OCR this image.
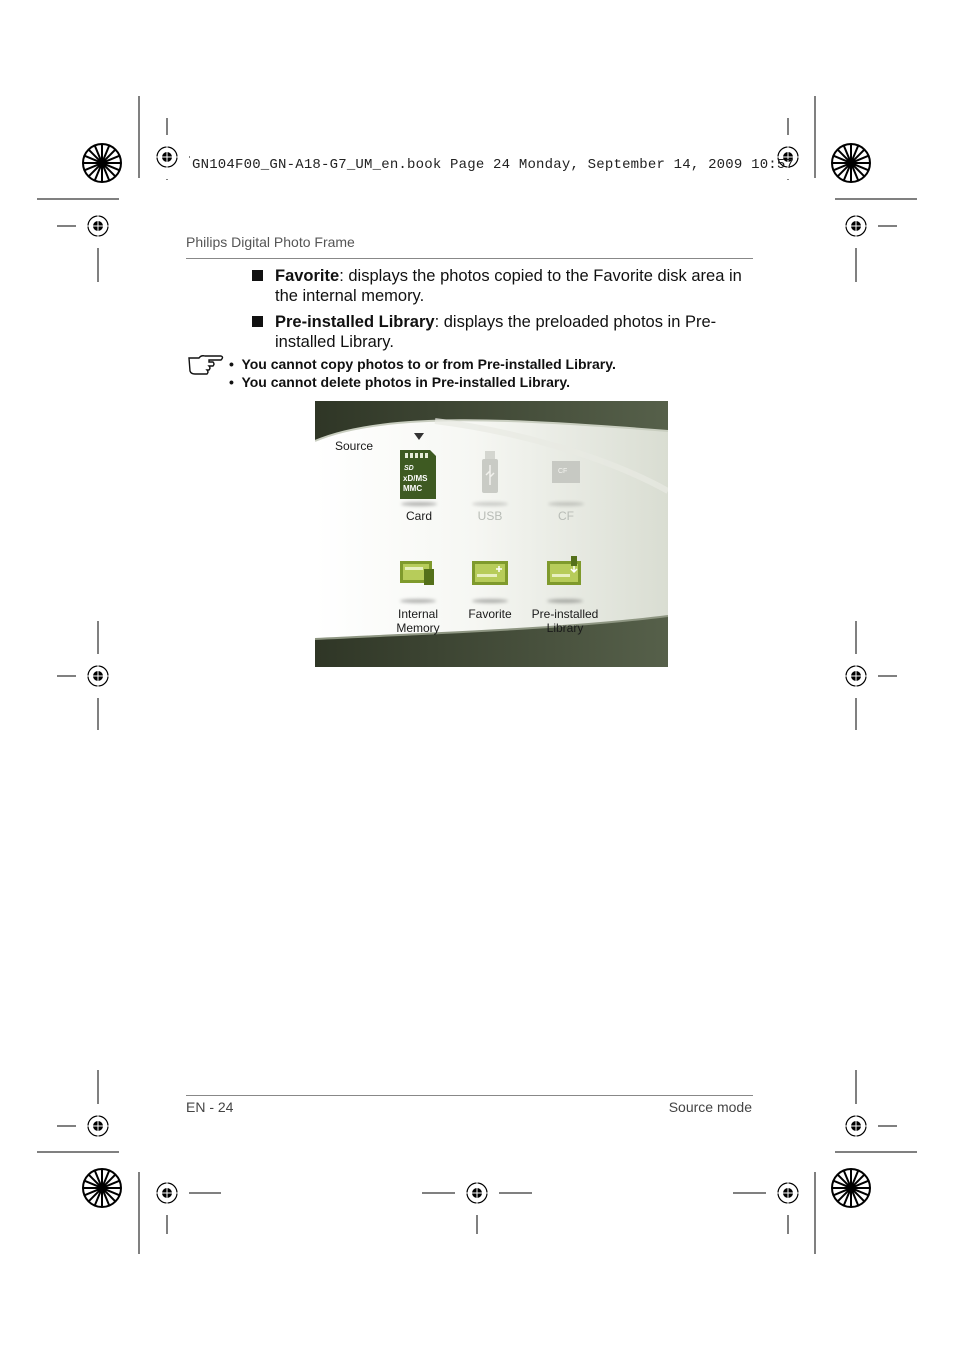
GN104F00_GN-A18-G7_UM_en.book Page 24 Monday, September 14, 2009 10:57
Philips Digital Photo Frame
Favorite: displays the photos copied to the Favorite disk area in the internal memory.
Pre-installed Library: displays the preloaded photos in Pre-installed Library.
•  You cannot copy photos to or from Pre-installed Library.
•  You cannot delete photos in Pre-installed Library.
Source
SD
xD/MS
MMC
Card	USB
CF
CF
Internal
Memory
Favorite	Pre-installed
Library
EN - 24	Source mode
